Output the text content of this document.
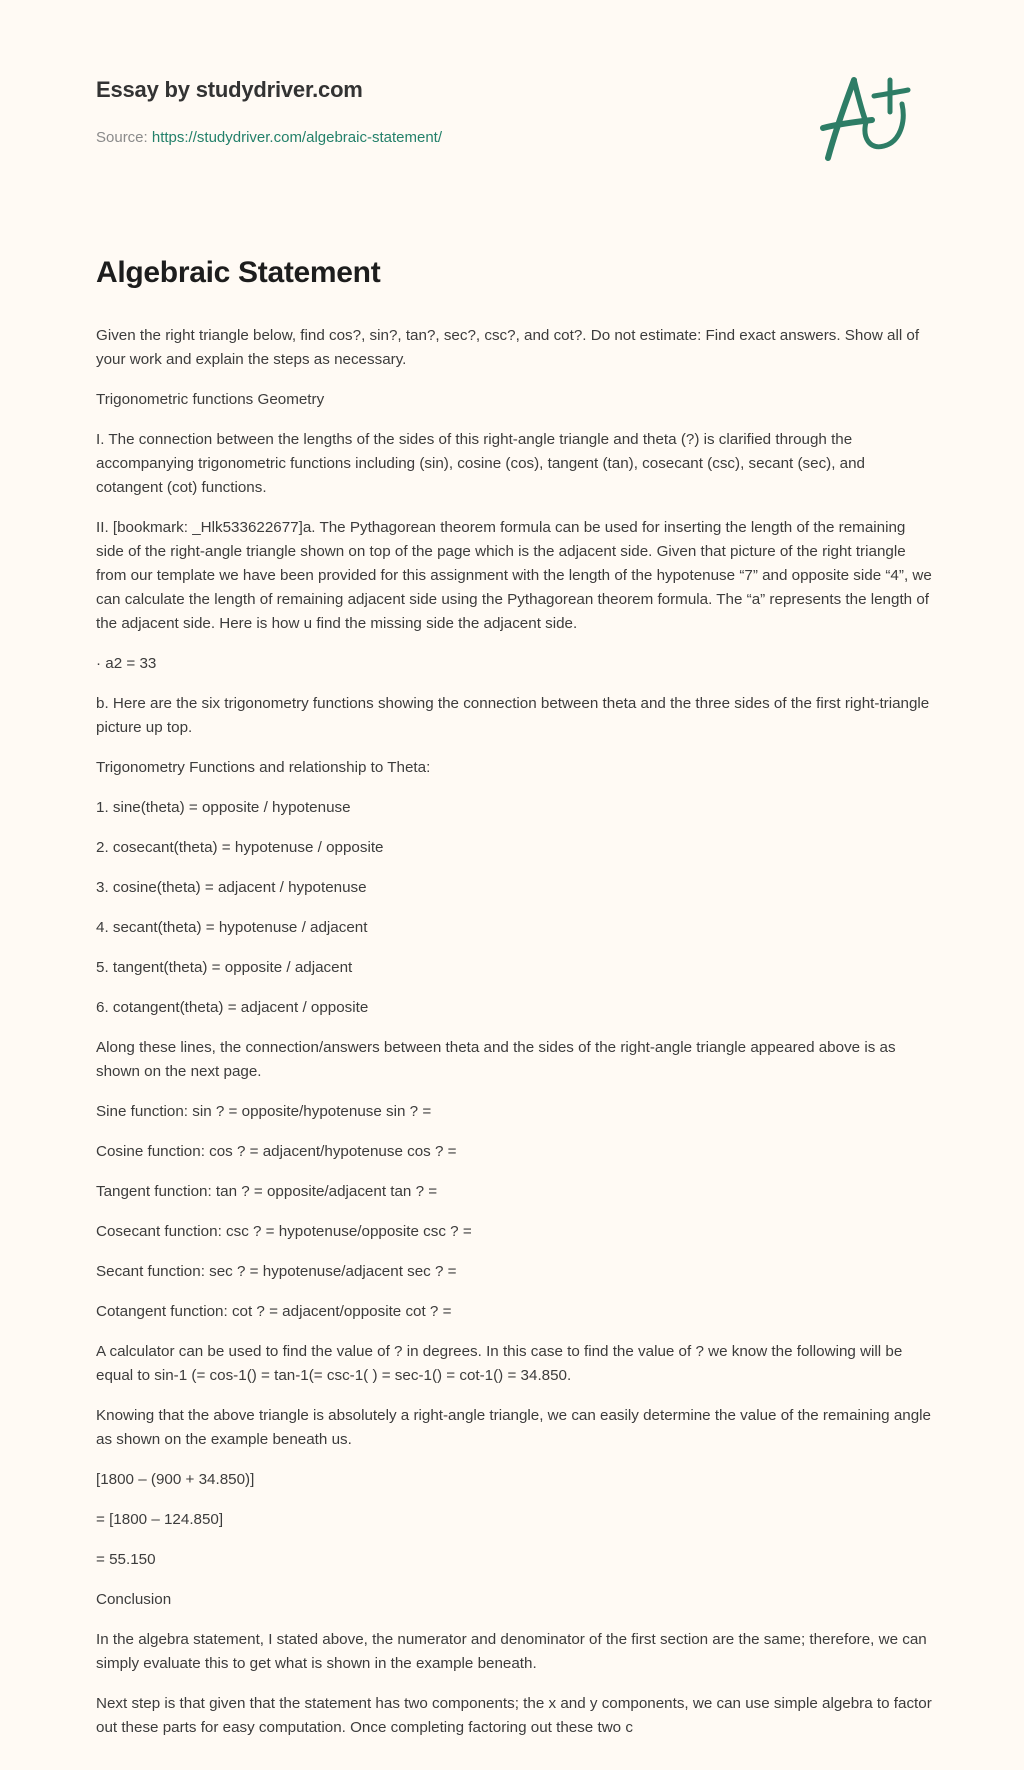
Essay by studydriver.com
Source: https://studydriver.com/algebraic-statement/
Algebraic Statement

Given the right triangle below, find cos?, sin?, tan?, sec?, csc?, and cot?. Do not estimate: Find exact answers. Show all of your work and explain the steps as necessary.

Trigonometric functions Geometry

I. The connection between the lengths of the sides of this right-angle triangle and theta (?) is clarified through the accompanying trigonometric functions including (sin), cosine (cos), tangent (tan), cosecant (csc), secant (sec), and cotangent (cot) functions.

II. [bookmark: _Hlk533622677]a. The Pythagorean theorem formula can be used for inserting the length of the remaining side of the right-angle triangle shown on top of the page which is the adjacent side. Given that picture of the right triangle from our template we have been provided for this assignment with the length of the hypotenuse “7” and opposite side “4”, we can calculate the length of remaining adjacent side using the Pythagorean theorem formula. The “a” represents the length of the adjacent side. Here is how u find the missing side the adjacent side.

· a2 = 33

b. Here are the six trigonometry functions showing the connection between theta and the three sides of the first right-triangle picture up top.

Trigonometry Functions and relationship to Theta:

1. sine(theta) = opposite / hypotenuse

2. cosecant(theta) = hypotenuse / opposite

3. cosine(theta) = adjacent / hypotenuse

4. secant(theta) = hypotenuse / adjacent

5. tangent(theta) = opposite / adjacent

6. cotangent(theta) = adjacent / opposite

Along these lines, the connection/answers between theta and the sides of the right-angle triangle appeared above is as shown on the next page.

Sine function: sin ? = opposite/hypotenuse sin ? =

Cosine function: cos ? = adjacent/hypotenuse cos ? =

Tangent function: tan ? = opposite/adjacent tan ? =

Cosecant function: csc ? = hypotenuse/opposite csc ? =

Secant function: sec ? = hypotenuse/adjacent sec ? =

Cotangent function: cot ? = adjacent/opposite cot ? =

A calculator can be used to find the value of ? in degrees. In this case to find the value of ? we know the following will be equal to sin-1 (= cos-1() = tan-1(= csc-1( ) = sec-1() = cot-1() = 34.850.

Knowing that the above triangle is absolutely a right-angle triangle, we can easily determine the value of the remaining angle as shown on the example beneath us.

[1800 – (900 + 34.850)]

= [1800 – 124.850]

= 55.150

Conclusion

In the algebra statement, I stated above, the numerator and denominator of the first section are the same; therefore, we can simply evaluate this to get what is shown in the example beneath.

Next step is that given that the statement has two components; the x and y components, we can use simple algebra to factor out these parts for easy computation. Once completing factoring out these two c
